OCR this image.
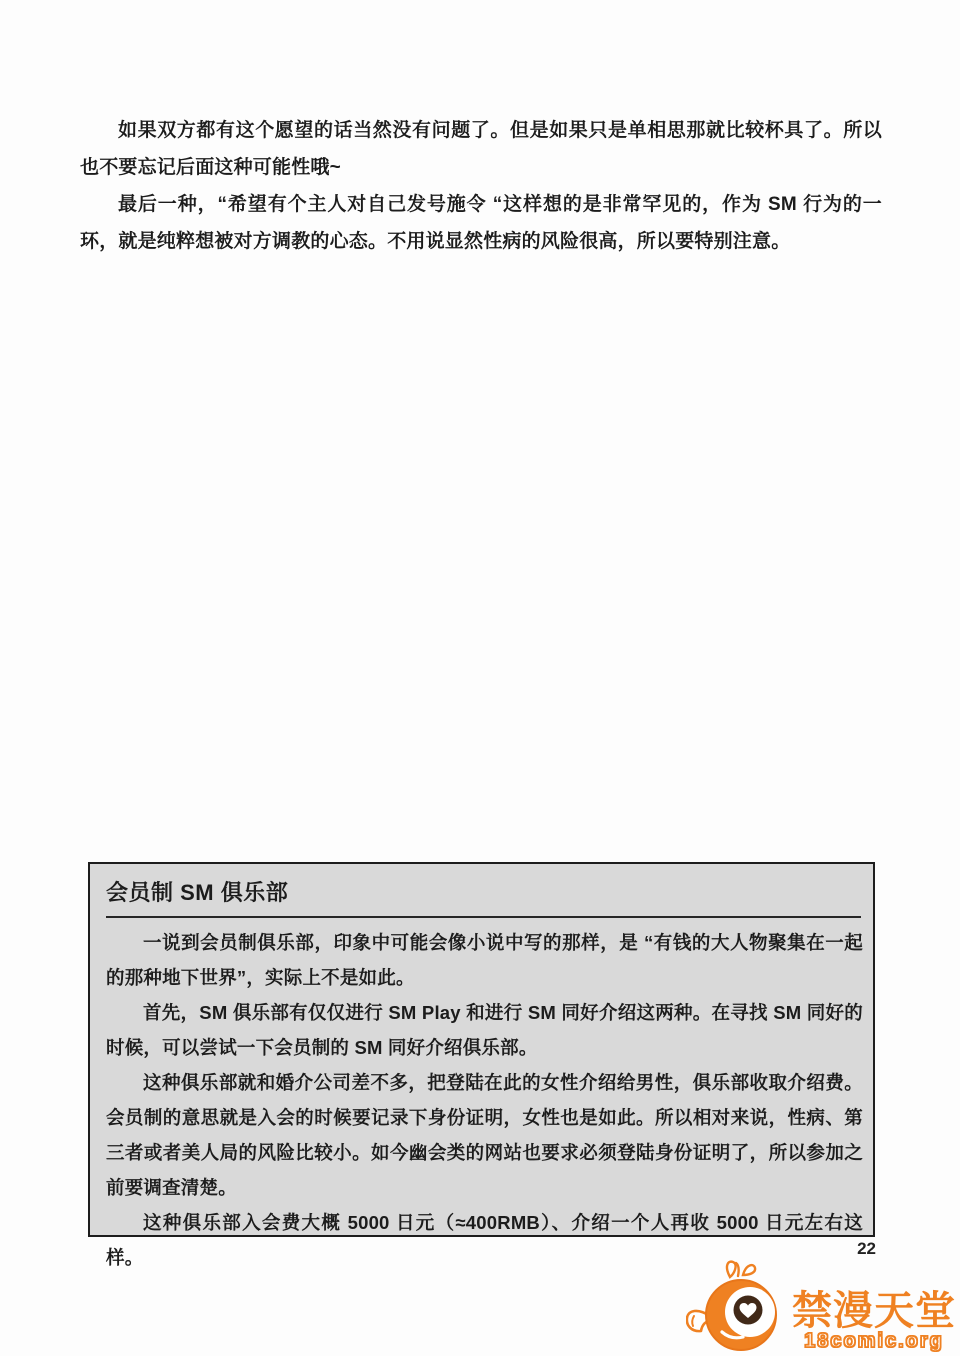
如果双方都有这个愿望的话当然没有问题了。但是如果只是单相思那就比较杯具了。所以也不要忘记后面这种可能性哦~

最后一种，“希望有个主人对自己发号施令 “这样想的是非常罕见的，作为 SM 行为的一环，就是纯粹想被对方调教的心态。不用说显然性病的风险很高，所以要特别注意。

会员制 SM 俱乐部

一说到会员制俱乐部，印象中可能会像小说中写的那样，是 “有钱的大人物聚集在一起的那种地下世界”，实际上不是如此。

首先，SM 俱乐部有仅仅进行 SM Play 和进行 SM 同好介绍这两种。在寻找 SM 同好的时候，可以尝试一下会员制的 SM 同好介绍俱乐部。

这种俱乐部就和婚介公司差不多，把登陆在此的女性介绍给男性，俱乐部收取介绍费。会员制的意思就是入会的时候要记录下身份证明，女性也是如此。所以相对来说，性病、第三者或者美人局的风险比较小。如今幽会类的网站也要求必须登陆身份证明了，所以参加之前要调查清楚。

这种俱乐部入会费大概 5000 日元（≈400RMB）、介绍一个人再收 5000 日元左右这样。	22
禁漫天堂
18comic.org
